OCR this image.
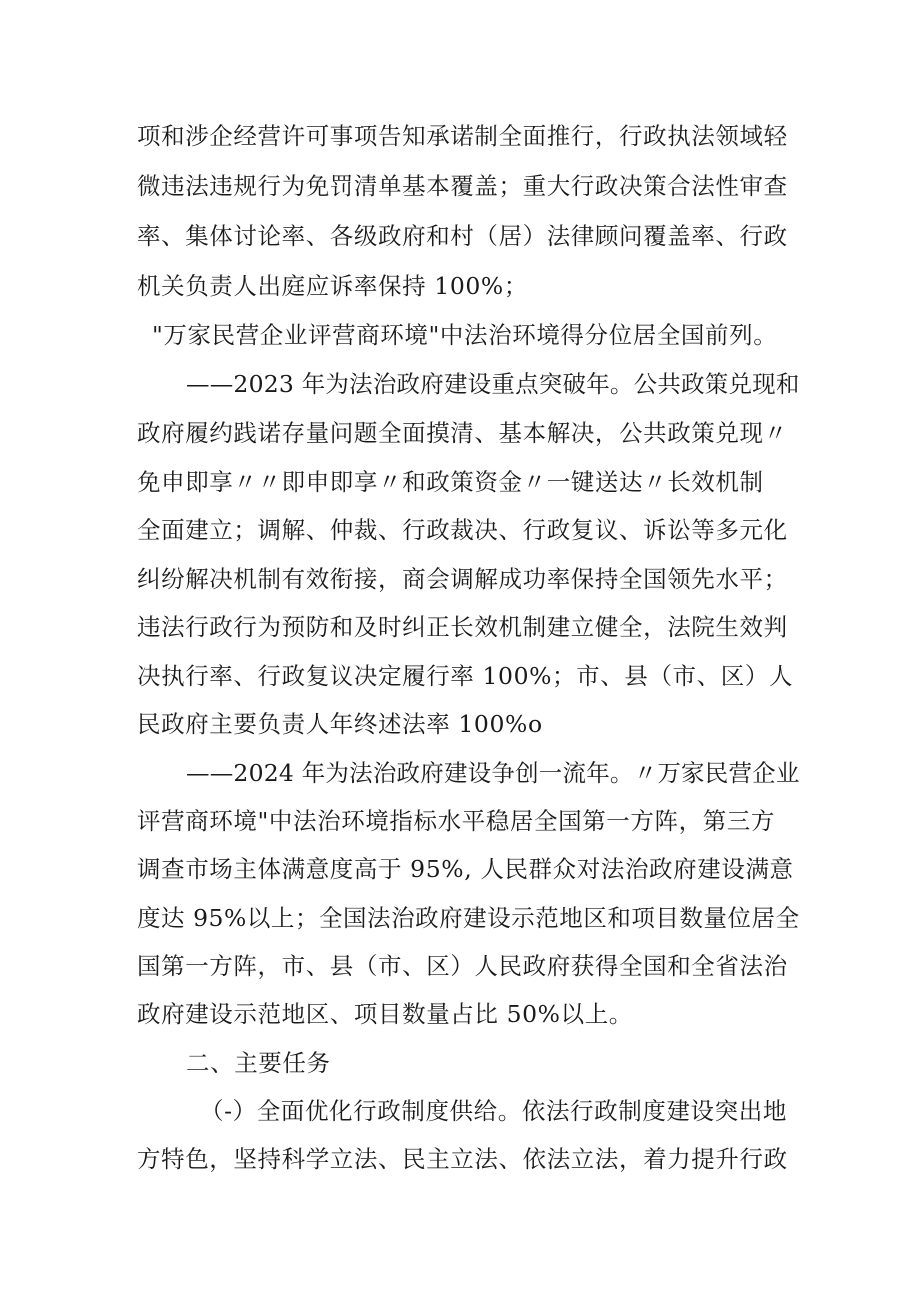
项和涉企经营许可事项告知承诺制全面推行，行政执法领域轻
微违法违规行为免罚清单基本覆盖；重大行政决策合法性审查
率、集体讨论率、各级政府和村（居）法律顾问覆盖率、行政
机关负责人出庭应诉率保持 100%；
"万家民营企业评营商环境"中法治环境得分位居全国前列。
——2023 年为法治政府建设重点突破年。公共政策兑现和
政府履约践诺存量问题全面摸清、基本解决，公共政策兑现〃
免申即享〃〃即申即享〃和政策资金〃一键送达〃长效机制
全面建立；调解、仲裁、行政裁决、行政复议、诉讼等多元化
纠纷解决机制有效衔接，商会调解成功率保持全国领先水平；
违法行政行为预防和及时纠正长效机制建立健全，法院生效判
决执行率、行政复议决定履行率 100%；市、县（市、区）人
民政府主要负责人年终述法率 100%o
——2024 年为法治政府建设争创一流年。〃万家民营企业
评营商环境"中法治环境指标水平稳居全国第一方阵，第三方
调查市场主体满意度高于 95%, 人民群众对法治政府建设满意
度达 95%以上；全国法治政府建设示范地区和项目数量位居全
国第一方阵，市、县（市、区）人民政府获得全国和全省法治
政府建设示范地区、项目数量占比 50%以上。
二、主要任务
（-）全面优化行政制度供给。依法行政制度建设突出地
方特色，坚持科学立法、民主立法、依法立法，着力提升行政
